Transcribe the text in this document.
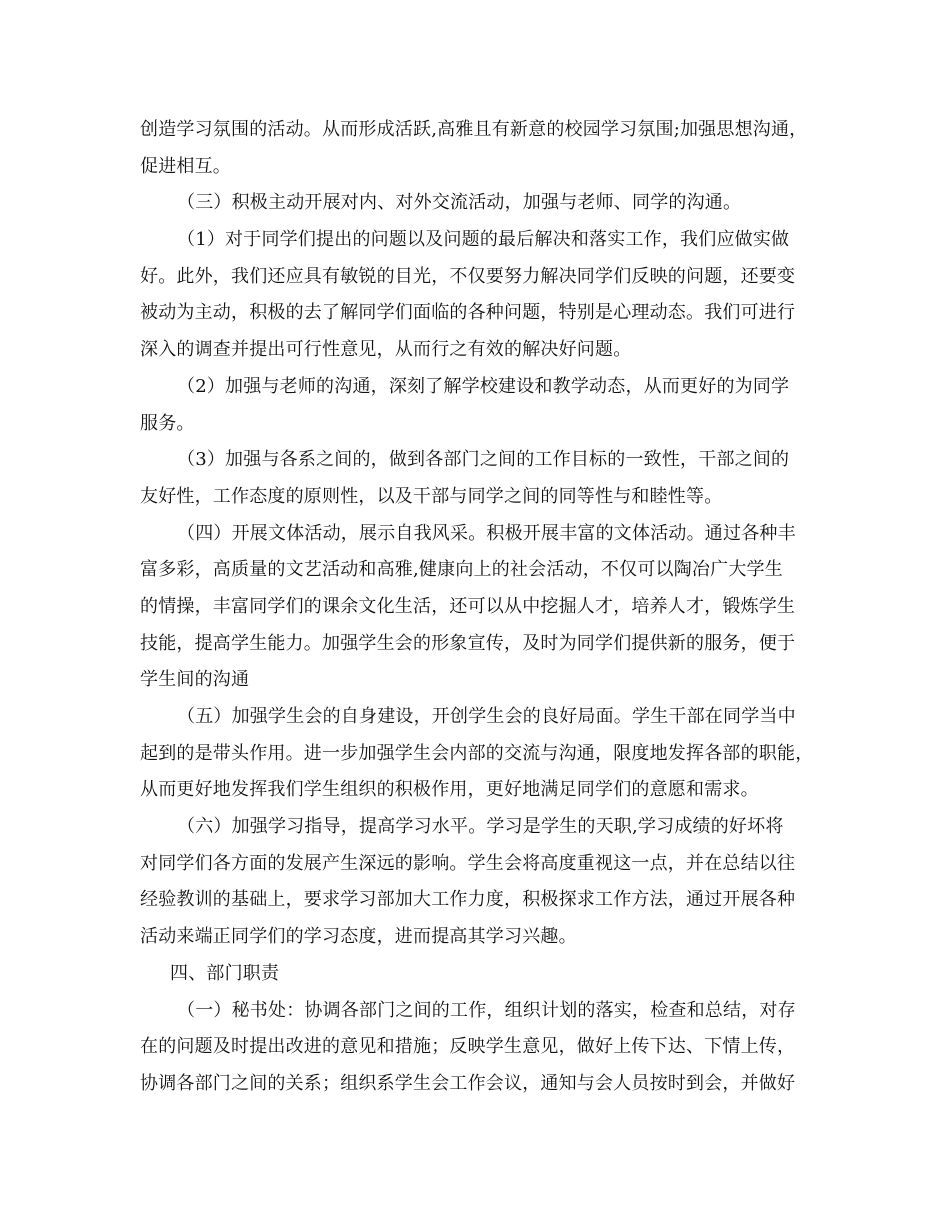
创造学习氛围的活动。从而形成活跃,高雅且有新意的校园学习氛围;加强思想沟通，
促进相互。
（三）积极主动开展对内、对外交流活动，加强与老师、同学的沟通。
（1）对于同学们提出的问题以及问题的最后解决和落实工作，我们应做实做
好。此外，我们还应具有敏锐的目光，不仅要努力解决同学们反映的问题，还要变
被动为主动，积极的去了解同学们面临的各种问题，特别是心理动态。我们可进行
深入的调查并提出可行性意见，从而行之有效的解决好问题。
（2）加强与老师的沟通，深刻了解学校建设和教学动态，从而更好的为同学
服务。
（3）加强与各系之间的，做到各部门之间的工作目标的一致性，干部之间的
友好性，工作态度的原则性，以及干部与同学之间的同等性与和睦性等。
（四）开展文体活动，展示自我风采。积极开展丰富的文体活动。通过各种丰
富多彩，高质量的文艺活动和高雅,健康向上的社会活动，不仅可以陶冶广大学生
的情操，丰富同学们的课余文化生活，还可以从中挖掘人才，培养人才，锻炼学生
技能，提高学生能力。加强学生会的形象宣传，及时为同学们提供新的服务，便于
学生间的沟通
（五）加强学生会的自身建设，开创学生会的良好局面。学生干部在同学当中
起到的是带头作用。进一步加强学生会内部的交流与沟通，限度地发挥各部的职能，
从而更好地发挥我们学生组织的积极作用，更好地满足同学们的意愿和需求。
（六）加强学习指导，提高学习水平。学习是学生的天职,学习成绩的好坏将
对同学们各方面的发展产生深远的影响。学生会将高度重视这一点，并在总结以往
经验教训的基础上，要求学习部加大工作力度，积极探求工作方法，通过开展各种
活动来端正同学们的学习态度，进而提高其学习兴趣。
四、部门职责
（一）秘书处：协调各部门之间的工作，组织计划的落实，检查和总结，对存
在的问题及时提出改进的意见和措施；反映学生意见，做好上传下达、下情上传，
协调各部门之间的关系；组织系学生会工作会议，通知与会人员按时到会，并做好
